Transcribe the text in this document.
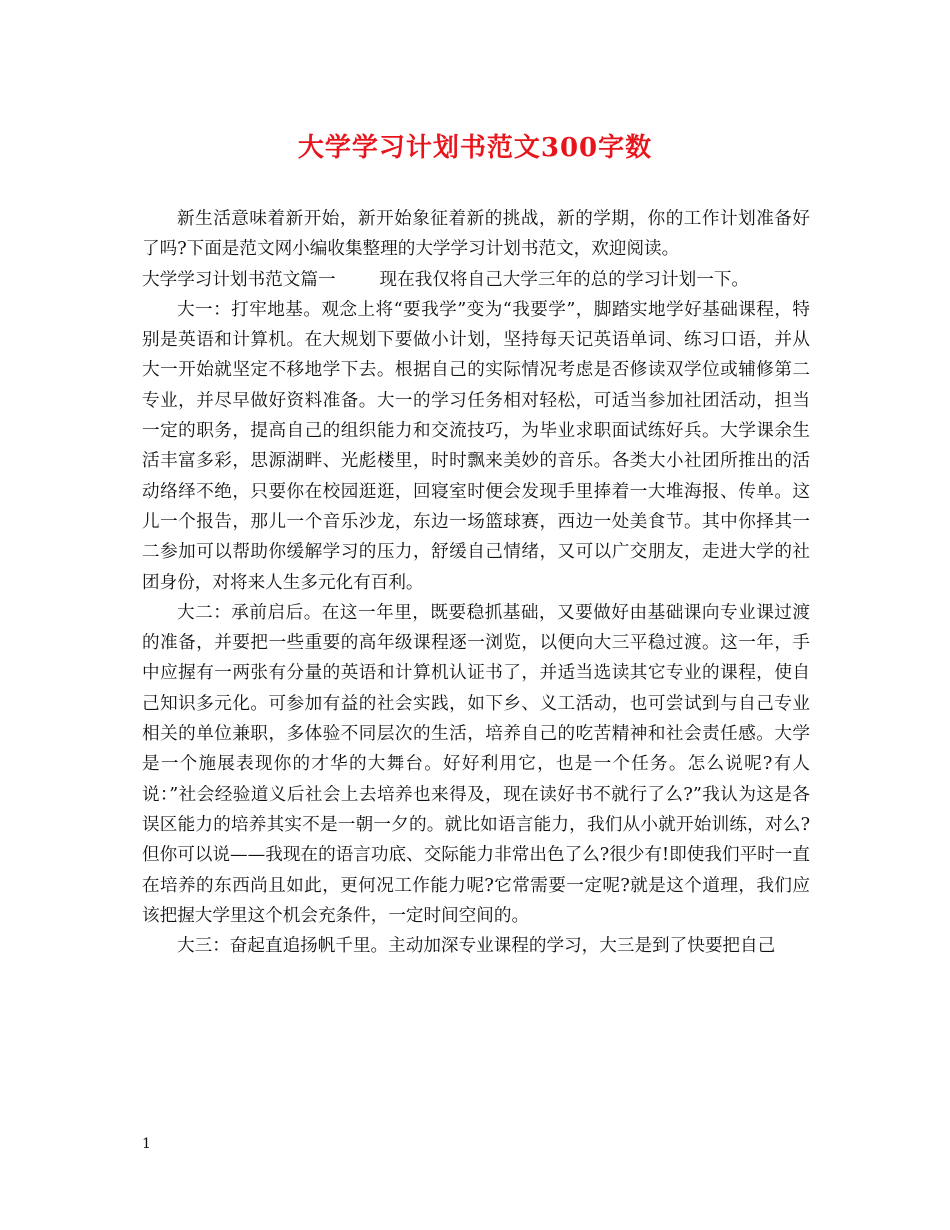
大学学习计划书范文300字数

新生活意味着新开始，新开始象征着新的挑战，新的学期，你的工作计划准备好了吗?下面是范文网小编收集整理的大学学习计划书范文，欢迎阅读。

大学学习计划书范文篇一	现在我仅将自己大学三年的总的学习计划一下。

大一：打牢地基。观念上将“要我学”变为“我要学”，脚踏实地学好基础课程，特别是英语和计算机。在大规划下要做小计划，坚持每天记英语单词、练习口语，并从大一开始就坚定不移地学下去。根据自己的实际情况考虑是否修读双学位或辅修第二专业，并尽早做好资料准备。大一的学习任务相对轻松，可适当参加社团活动，担当一定的职务，提高自己的组织能力和交流技巧，为毕业求职面试练好兵。大学课余生活丰富多彩，思源湖畔、光彪楼里，时时飘来美妙的音乐。各类大小社团所推出的活动络绎不绝，只要你在校园逛逛，回寝室时便会发现手里捧着一大堆海报、传单。这儿一个报告，那儿一个音乐沙龙，东边一场篮球赛，西边一处美食节。其中你择其一二参加可以帮助你缓解学习的压力，舒缓自己情绪，又可以广交朋友，走进大学的社团身份，对将来人生多元化有百利。

大二：承前启后。在这一年里，既要稳抓基础，又要做好由基础课向专业课过渡的准备，并要把一些重要的高年级课程逐一浏览，以便向大三平稳过渡。这一年，手中应握有一两张有分量的英语和计算机认证书了，并适当选读其它专业的课程，使自己知识多元化。可参加有益的社会实践，如下乡、义工活动，也可尝试到与自己专业相关的单位兼职，多体验不同层次的生活，培养自己的吃苦精神和社会责任感。大学是一个施展表现你的才华的大舞台。好好利用它，也是一个任务。怎么说呢?有人说：”社会经验道义后社会上去培养也来得及，现在读好书不就行了么?”我认为这是各误区能力的培养其实不是一朝一夕的。就比如语言能力，我们从小就开始训练，对么?但你可以说——我现在的语言功底、交际能力非常出色了么?很少有!即使我们平时一直在培养的东西尚且如此，更何况工作能力呢?它常需要一定呢?就是这个道理，我们应该把握大学里这个机会充条件，一定时间空间的。

大三：奋起直追扬帆千里。主动加深专业课程的学习，大三是到了快要把自己

1
